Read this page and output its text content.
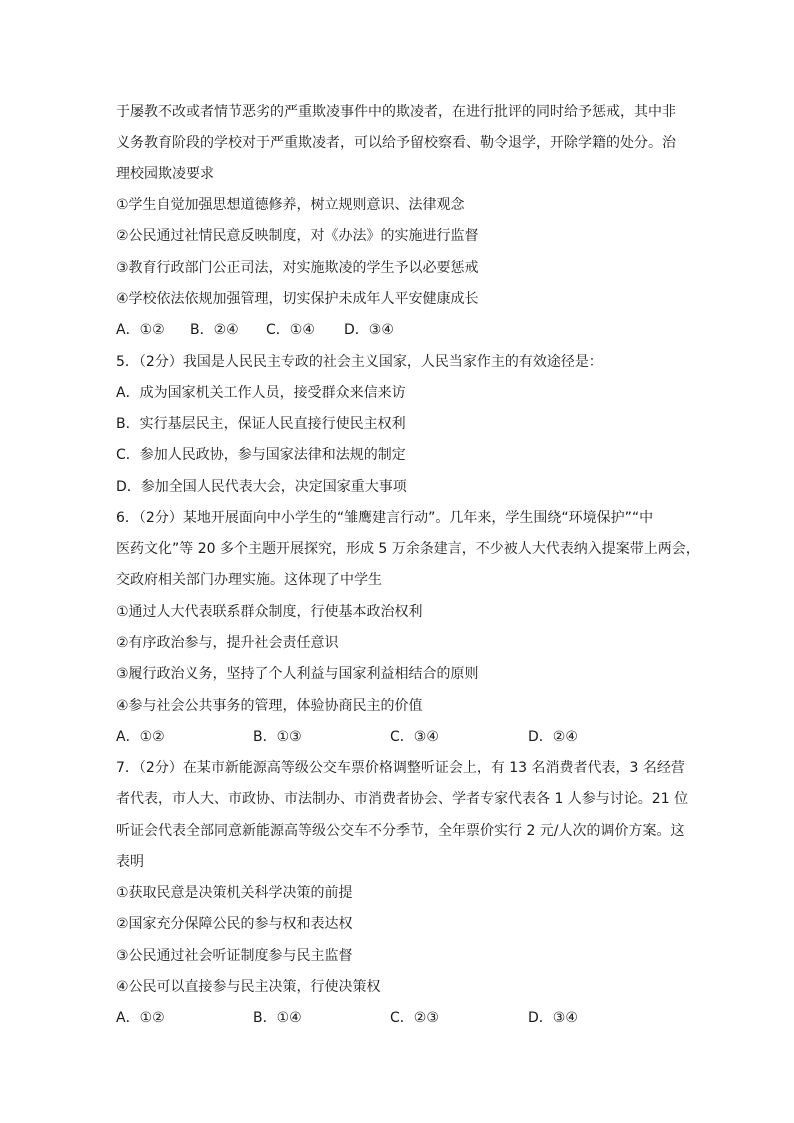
于屡教不改或者情节恶劣的严重欺凌事件中的欺凌者，在进行批评的同时给予惩戒，其中非
义务教育阶段的学校对于严重欺凌者，可以给予留校察看、勒令退学，开除学籍的处分。治
理校园欺凌要求
①学生自觉加强思想道德修养，树立规则意识、法律观念
②公民通过社情民意反映制度，对《办法》的实施进行监督
③教育行政部门公正司法，对实施欺凌的学生予以必要惩戒
④学校依法依规加强管理，切实保护未成年人平安健康成长
A．①② B．②④ C．①④ D．③④
5．（2分）我国是人民民主专政的社会主义国家，人民当家作主的有效途径是：
A．成为国家机关工作人员，接受群众来信来访
B．实行基层民主，保证人民直接行使民主权利
C．参加人民政协，参与国家法律和法规的制定
D．参加全国人民代表大会，决定国家重大事项
6．（2分）某地开展面向中小学生的“雏鹰建言行动”。几年来，学生围绕“环境保护”“中
医药文化”等 20 多个主题开展探究，形成 5 万余条建言，不少被人大代表纳入提案带上两会，
交政府相关部门办理实施。这体现了中学生
①通过人大代表联系群众制度，行使基本政治权利
②有序政治参与，提升社会责任意识
③履行政治义务，坚持了个人利益与国家利益相结合的原则
④参与社会公共事务的管理，体验协商民主的价值
A．①②	B．①③	C．③④	D．②④
7．（2分）在某市新能源高等级公交车票价格调整听证会上，有 13 名消费者代表，3 名经营
者代表，市人大、市政协、市法制办、市消费者协会、学者专家代表各 1 人参与讨论。21 位
听证会代表全部同意新能源高等级公交车不分季节，全年票价实行 2 元/人次的调价方案。这
表明
①获取民意是决策机关科学决策的前提
②国家充分保障公民的参与权和表达权
③公民通过社会听证制度参与民主监督
④公民可以直接参与民主决策，行使决策权
A．①②	B．①④	C．②③	D．③④
